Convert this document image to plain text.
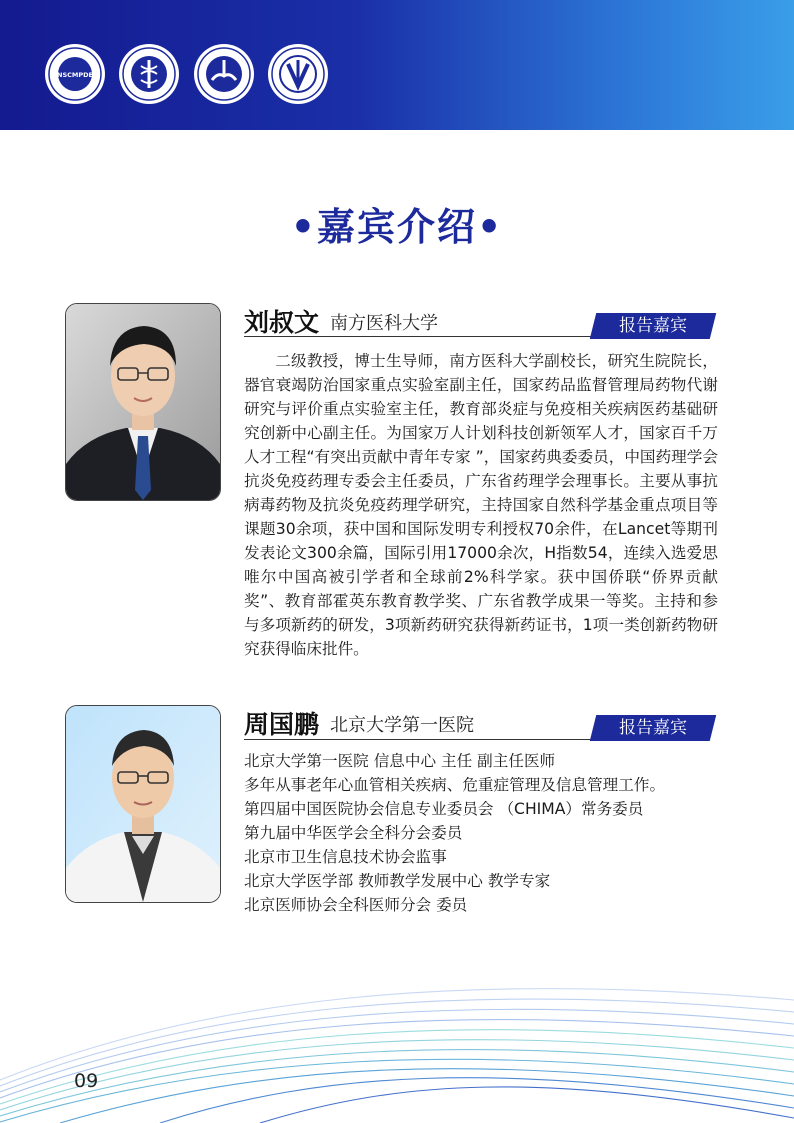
NSCMPDE
•嘉宾介绍•
刘叔文 南方医科大学	报告嘉宾

二级教授，博士生导师，南方医科大学副校长，研究生院院长，器官衰竭防治国家重点实验室副主任，国家药品监督管理局药物代谢研究与评价重点实验室主任，教育部炎症与免疫相关疾病医药基础研究创新中心副主任。为国家万人计划科技创新领军人才，国家百千万人才工程“有突出贡献中青年专家 ”，国家药典委委员，中国药理学会抗炎免疫药理专委会主任委员，广东省药理学会理事长。主要从事抗病毒药物及抗炎免疫药理学研究，主持国家自然科学基金重点项目等课题30余项，获中国和国际发明专利授权70余件，在Lancet等期刊发表论文300余篇，国际引用17000余次，H指数54，连续入选爱思唯尔中国高被引学者和全球前2%科学家。获中国侨联“侨界贡献奖”、教育部霍英东教育教学奖、广东省教学成果一等奖。主持和参与多项新药的研发，3项新药研究获得新药证书，1项一类创新药物研究获得临床批件。

周国鹏 北京大学第一医院	报告嘉宾
北京大学第一医院 信息中心 主任 副主任医师
多年从事老年心血管相关疾病、危重症管理及信息管理工作。
第四届中国医院协会信息专业委员会 （CHIMA）常务委员
第九届中华医学会全科分会委员
北京市卫生信息技术协会监事
北京大学医学部 教师教学发展中心 教学专家
北京医师协会全科医师分会 委员
09
